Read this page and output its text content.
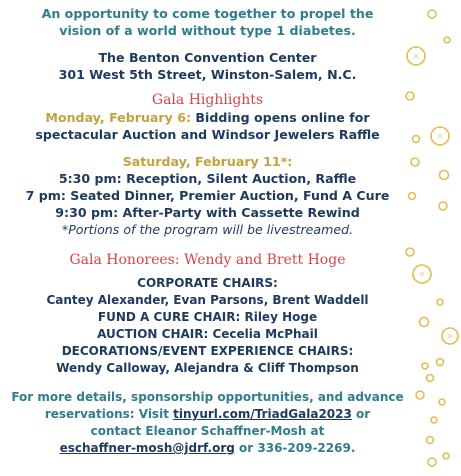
An opportunity to come together to propel the
vision of a world without type 1 diabetes.
The Benton Convention Center
301 West 5th Street, Winston-Salem, N.C.
Gala Highlights
Monday, February 6: Bidding opens online for
spectacular Auction and Windsor Jewelers Raffle
Saturday, February 11*:
5:30 pm: Reception, Silent Auction, Raffle
7 pm: Seated Dinner, Premier Auction, Fund A Cure
9:30 pm: After-Party with Cassette Rewind
*Portions of the program will be livestreamed.
Gala Honorees: Wendy and Brett Hoge
CORPORATE CHAIRS:
Cantey Alexander, Evan Parsons, Brent Waddell
FUND A CURE CHAIR: Riley Hoge
AUCTION CHAIR: Cecelia McPhail
DECORATIONS/EVENT EXPERIENCE CHAIRS:
Wendy Calloway, Alejandra & Cliff Thompson
For more details, sponsorship opportunities, and advance
reservations: Visit tinyurl.com/TriadGala2023 or
contact Eleanor Schaffner-Mosh at
eschaffner-mosh@jdrf.org or 336-209-2269.
